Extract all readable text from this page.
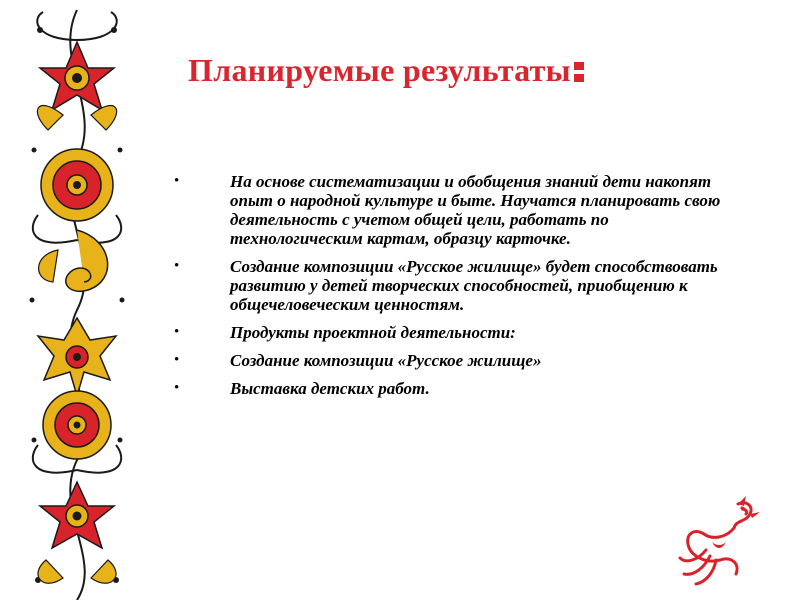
Планируемые результаты
•	На основе систематизации и обобщения знаний дети накопят опыт о народной культуре и быте. Научатся планировать свою деятельность с учетом общей цели, работать по технологическим картам, образцу карточке.
•	Создание композиции «Русское жилище» будет способствовать развитию у детей творческих способностей, приобщению к общечеловеческим ценностям.
•	Продукты проектной деятельности:
•	Создание композиции «Русское жилище»
•	Выставка детских работ.
